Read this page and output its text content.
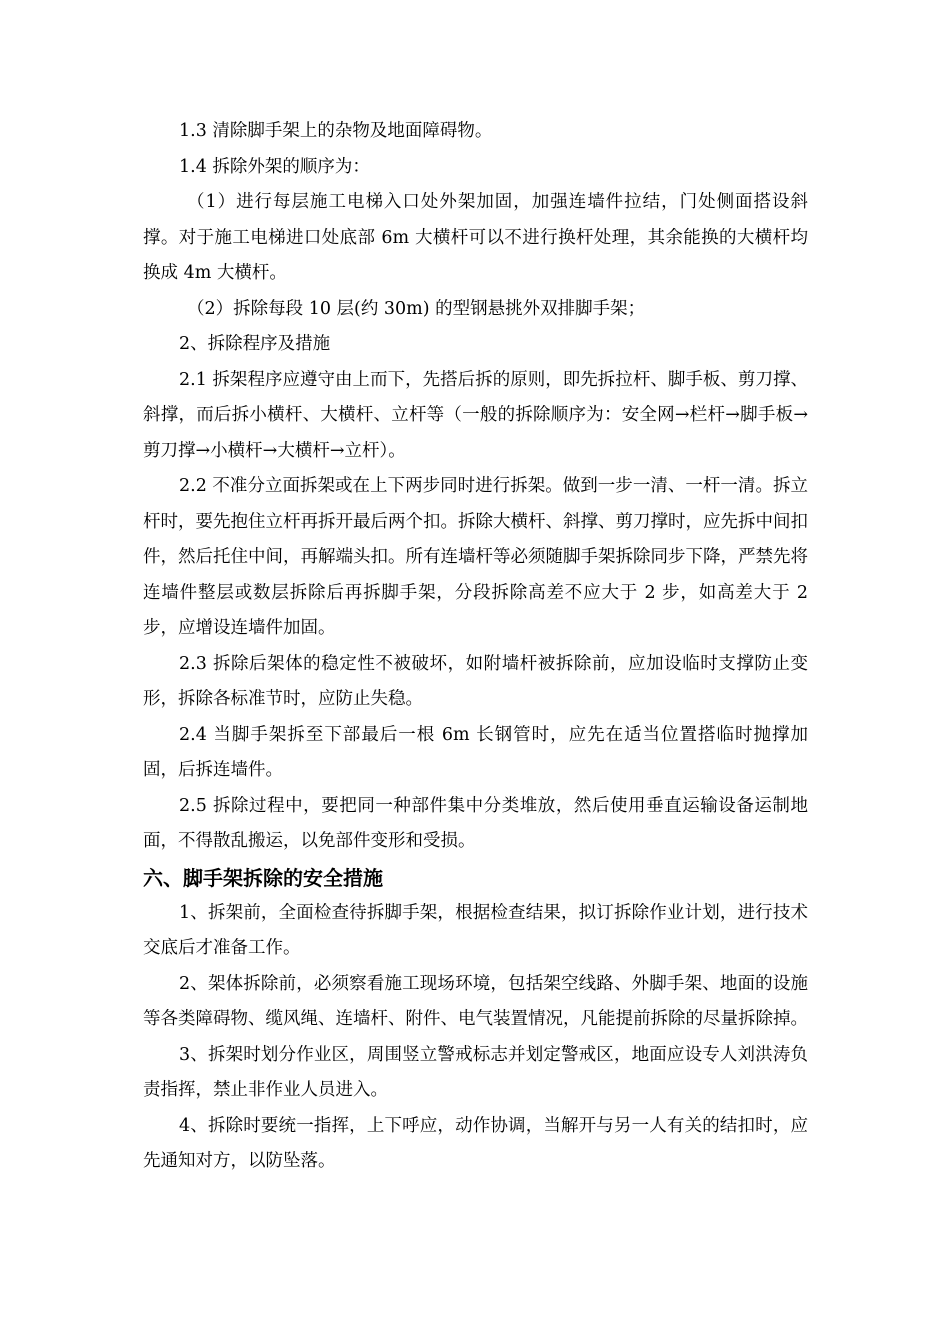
1.3 清除脚手架上的杂物及地面障碍物。

1.4 拆除外架的顺序为：

（1）进行每层施工电梯入口处外架加固，加强连墙件拉结，门处侧面搭设斜撑。对于施工电梯进口处底部 6m 大横杆可以不进行换杆处理，其余能换的大横杆均换成 4m 大横杆。

（2）拆除每段 10 层(约 30m) 的型钢悬挑外双排脚手架；

2、拆除程序及措施

2.1 拆架程序应遵守由上而下，先搭后拆的原则，即先拆拉杆、脚手板、剪刀撑、斜撑，而后拆小横杆、大横杆、立杆等（一般的拆除顺序为：安全网→栏杆→脚手板→剪刀撑→小横杆→大横杆→立杆）。

2.2 不准分立面拆架或在上下两步同时进行拆架。做到一步一清、一杆一清。拆立杆时，要先抱住立杆再拆开最后两个扣。拆除大横杆、斜撑、剪刀撑时，应先拆中间扣件，然后托住中间，再解端头扣。所有连墙杆等必须随脚手架拆除同步下降，严禁先将连墙件整层或数层拆除后再拆脚手架，分段拆除高差不应大于 2 步，如高差大于 2 步，应增设连墙件加固。

2.3 拆除后架体的稳定性不被破坏，如附墙杆被拆除前，应加设临时支撑防止变形，拆除各标准节时，应防止失稳。

2.4 当脚手架拆至下部最后一根 6m 长钢管时，应先在适当位置搭临时抛撑加固，后拆连墙件。

2.5 拆除过程中，要把同一种部件集中分类堆放，然后使用垂直运输设备运制地面，不得散乱搬运，以免部件变形和受损。

六、脚手架拆除的安全措施

1、拆架前，全面检查待拆脚手架，根据检查结果，拟订拆除作业计划，进行技术交底后才准备工作。

2、架体拆除前，必须察看施工现场环境，包括架空线路、外脚手架、地面的设施等各类障碍物、缆风绳、连墙杆、附件、电气装置情况，凡能提前拆除的尽量拆除掉。

3、拆架时划分作业区，周围竖立警戒标志并划定警戒区，地面应设专人刘洪涛负责指挥，禁止非作业人员进入。

4、拆除时要统一指挥，上下呼应，动作协调，当解开与另一人有关的结扣时，应先通知对方，以防坠落。
